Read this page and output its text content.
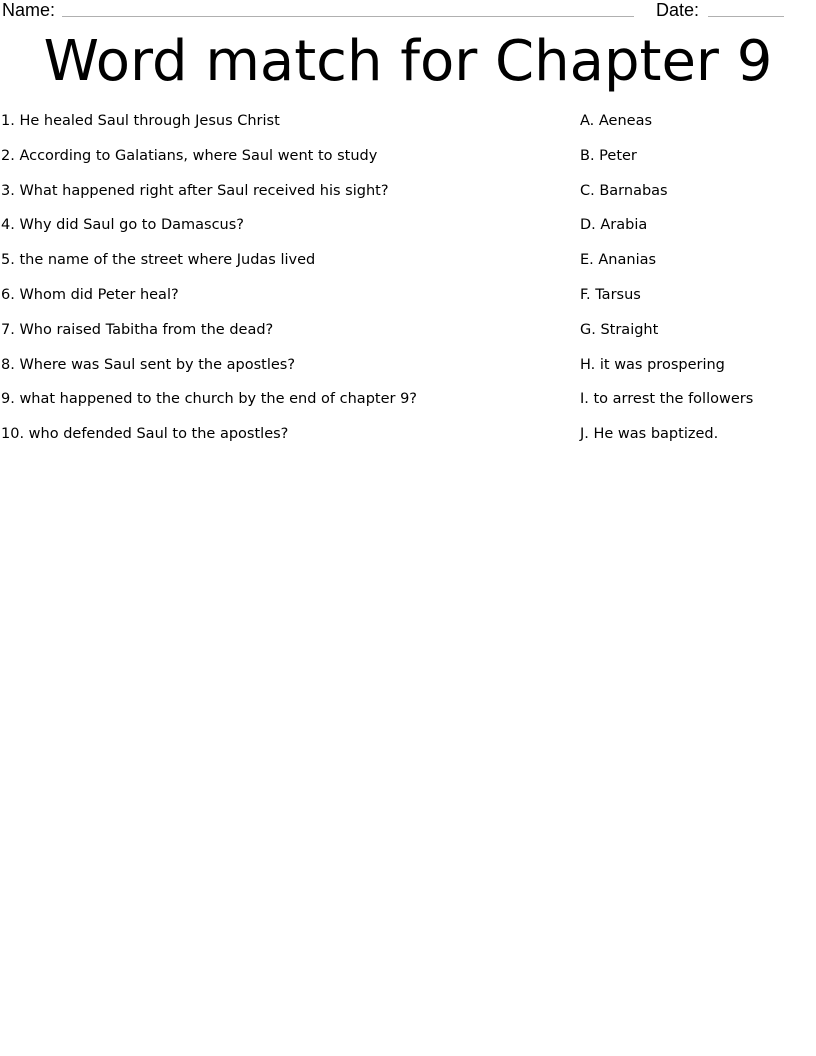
Name:	Date:
Word match for Chapter 9
1. He healed Saul through Jesus Christ
2. According to Galatians, where Saul went to study
3. What happened right after Saul received his sight?
4. Why did Saul go to Damascus?
5. the name of the street where Judas lived
6. Whom did Peter heal?
7. Who raised Tabitha from the dead?
8. Where was Saul sent by the apostles?
9. what happened to the church by the end of chapter 9?
10. who defended Saul to the apostles?
A. Aeneas
B. Peter
C. Barnabas
D. Arabia
E. Ananias
F. Tarsus
G. Straight
H. it was prospering
I. to arrest the followers
J. He was baptized.
